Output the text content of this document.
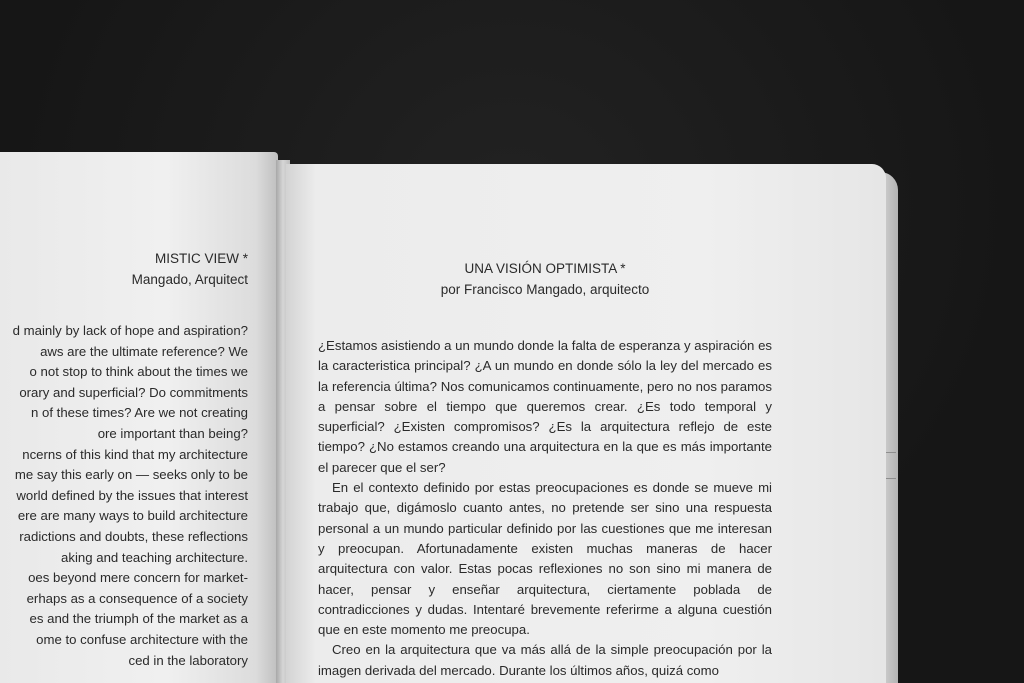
MISTIC VIEW *
Mangado, Arquitect
d mainly by lack of hope and aspiration?
aws are the ultimate reference? We
o not stop to think about the times we
orary and superficial? Do commitments
n of these times? Are we not creating
ore important than being?
ncerns of this kind that my architecture
me say this early on — seeks only to be
world defined by the issues that interest
ere are many ways to build architecture
radictions and doubts, these reflections
aking and teaching architecture.
oes beyond mere concern for market-
erhaps as a consequence of a society
es and the triumph of the market as a
ome to confuse architecture with the
ced in the laboratory
UNA VISIÓN OPTIMISTA *
por Francisco Mangado, arquitecto

¿Estamos asistiendo a un mundo donde la falta de esperanza y aspiración es la caracteristica principal? ¿A un mundo en donde sólo la ley del mercado es la referencia última? Nos comunicamos continuamente, pero no nos paramos a pensar sobre el tiempo que queremos crear. ¿Es todo temporal y superficial? ¿Existen compromisos? ¿Es la arquitectura reflejo de este tiempo? ¿No estamos creando una arquitectura en la que es más importante el parecer que el ser?

En el contexto definido por estas preocupaciones es donde se mueve mi trabajo que, digámoslo cuanto antes, no pretende ser sino una respuesta personal a un mundo particular definido por las cuestiones que me interesan y preocupan. Afortunadamente existen muchas maneras de hacer arquitectura con valor. Estas pocas reflexiones no son sino mi manera de hacer, pensar y enseñar arquitectura, ciertamente poblada de contradicciones y dudas. Intentaré brevemente referirme a alguna cuestión que en este momento me preocupa.

Creo en la arquitectura que va más allá de la simple preocupación por la imagen derivada del mercado. Durante los últimos años, quizá como
